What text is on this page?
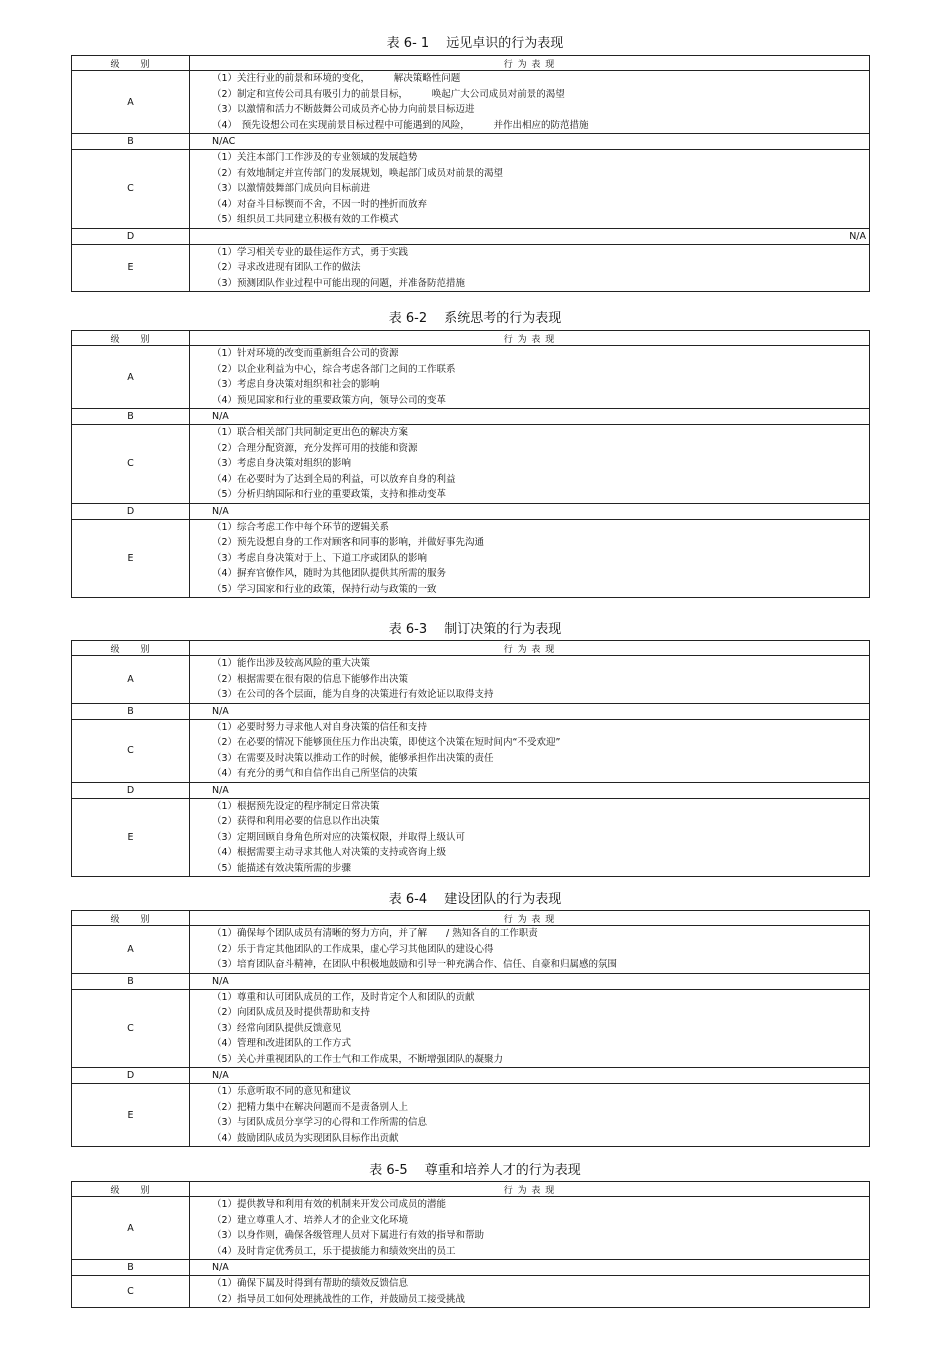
表 6- 1　 远见卓识的行为表现
级　　别	行 为 表 现
A	（1）关注行业的前景和环境的变化，　　　解决策略性问题
（2）制定和宣传公司具有吸引力的前景目标，　　　唤起广大公司成员对前景的渴望
（3）以激情和活力不断鼓舞公司成员齐心协力向前景目标迈进
（4）　预先设想公司在实现前景目标过程中可能遇到的风险，　　　并作出相应的防范措施

B	N/AC
C	（1）关注本部门工作涉及的专业领域的发展趋势
（2）有效地制定并宣传部门的发展规划，唤起部门成员对前景的渴望
（3）以激情鼓舞部门成员向目标前进
（4）对奋斗目标锲而不舍，不因一时的挫折而放弃
（5）组织员工共同建立积极有效的工作模式

D	N/A
E	（1）学习相关专业的最佳运作方式，勇于实践
（2）寻求改进现有团队工作的做法
（3）预测团队作业过程中可能出现的问题，并准备防范措施
表 6-2　 系统思考的行为表现
级　　别	行 为 表 现
A	（1）针对环境的改变而重新组合公司的资源
（2）以企业利益为中心，综合考虑各部门之间的工作联系
（3）考虑自身决策对组织和社会的影响
（4）预见国家和行业的重要政策方向，领导公司的变革

B	N/A
C	（1）联合相关部门共同制定更出色的解决方案
（2）合理分配资源，充分发挥可用的技能和资源
（3）考虑自身决策对组织的影响
（4）在必要时为了达到全局的利益，可以放弃自身的利益
（5）分析归纳国际和行业的重要政策，支持和推动变革

D	N/A
E	（1）综合考虑工作中每个环节的逻辑关系
（2）预先设想自身的工作对顾客和同事的影响，并做好事先沟通
（3）考虑自身决策对于上、下道工序或团队的影响
（4）摒弃官僚作风，随时为其他团队提供其所需的服务
（5）学习国家和行业的政策，保持行动与政策的一致
表 6-3　 制订决策的行为表现
级　　别	行 为 表 现
A	（1）能作出涉及较高风险的重大决策
（2）根据需要在很有限的信息下能够作出决策
（3）在公司的各个层面，能为自身的决策进行有效论证以取得支持

B	N/A
C	（1）必要时努力寻求他人对自身决策的信任和支持
（2）在必要的情况下能够顶住压力作出决策，即使这个决策在短时间内“不受欢迎”
（3）在需要及时决策以推动工作的时候，能够承担作出决策的责任
（4）有充分的勇气和自信作出自己所坚信的决策

D	N/A
E	（1）根据预先设定的程序制定日常决策
（2）获得和利用必要的信息以作出决策
（3）定期回顾自身角色所对应的决策权限，并取得上级认可
（4）根据需要主动寻求其他人对决策的支持或咨询上级
（5）能描述有效决策所需的步骤
表 6-4　 建设团队的行为表现
级　　别	行 为 表 现
A	（1）确保每个团队成员有清晰的努力方向，并了解　　/ 熟知各自的工作职责
（2）乐于肯定其他团队的工作成果，虚心学习其他团队的建设心得
（3）培育团队奋斗精神，在团队中积极地鼓励和引导一种充满合作、信任、自豪和归属感的氛围

B	N/A
C	（1）尊重和认可团队成员的工作，及时肯定个人和团队的贡献
（2）向团队成员及时提供帮助和支持
（3）经常向团队提供反馈意见
（4）管理和改进团队的工作方式
（5）关心并重视团队的工作士气和工作成果，不断增强团队的凝聚力

D	N/A
E	（1）乐意听取不同的意见和建议
（2）把精力集中在解决问题而不是责备别人上
（3）与团队成员分享学习的心得和工作所需的信息
（4）鼓励团队成员为实现团队目标作出贡献
表 6-5　 尊重和培养人才的行为表现
级　　别	行 为 表 现
A	（1）提供教导和利用有效的机制来开发公司成员的潜能
（2）建立尊重人才、培养人才的企业文化环境
（3）以身作则，确保各级管理人员对下属进行有效的指导和帮助
（4）及时肯定优秀员工，乐于提拔能力和绩效突出的员工

B	N/A
C	（1）确保下属及时得到有帮助的绩效反馈信息
（2）指导员工如何处理挑战性的工作，并鼓励员工接受挑战
